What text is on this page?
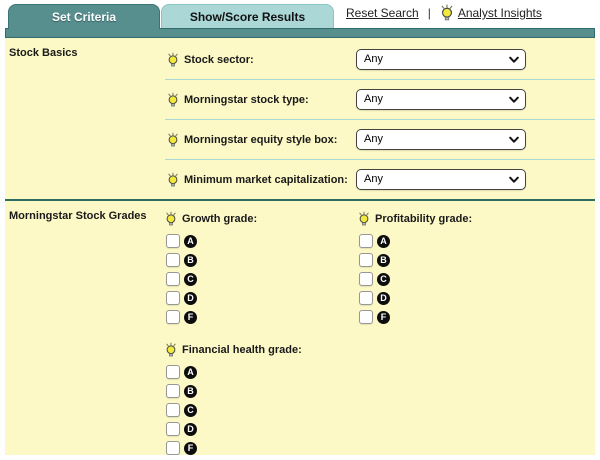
Set Criteria	Show/Score Results	Reset Search | Analyst Insights
Stock Basics
Stock sector:
Any
Morningstar stock type:
Any
Morningstar equity style box:
Any
Minimum market capitalization:
Any
Morningstar Stock Grades	Growth grade:
A
B
C
D
F
Profitability grade:
A
B
C
D
F
Financial health grade:
A
B
C
D
F
